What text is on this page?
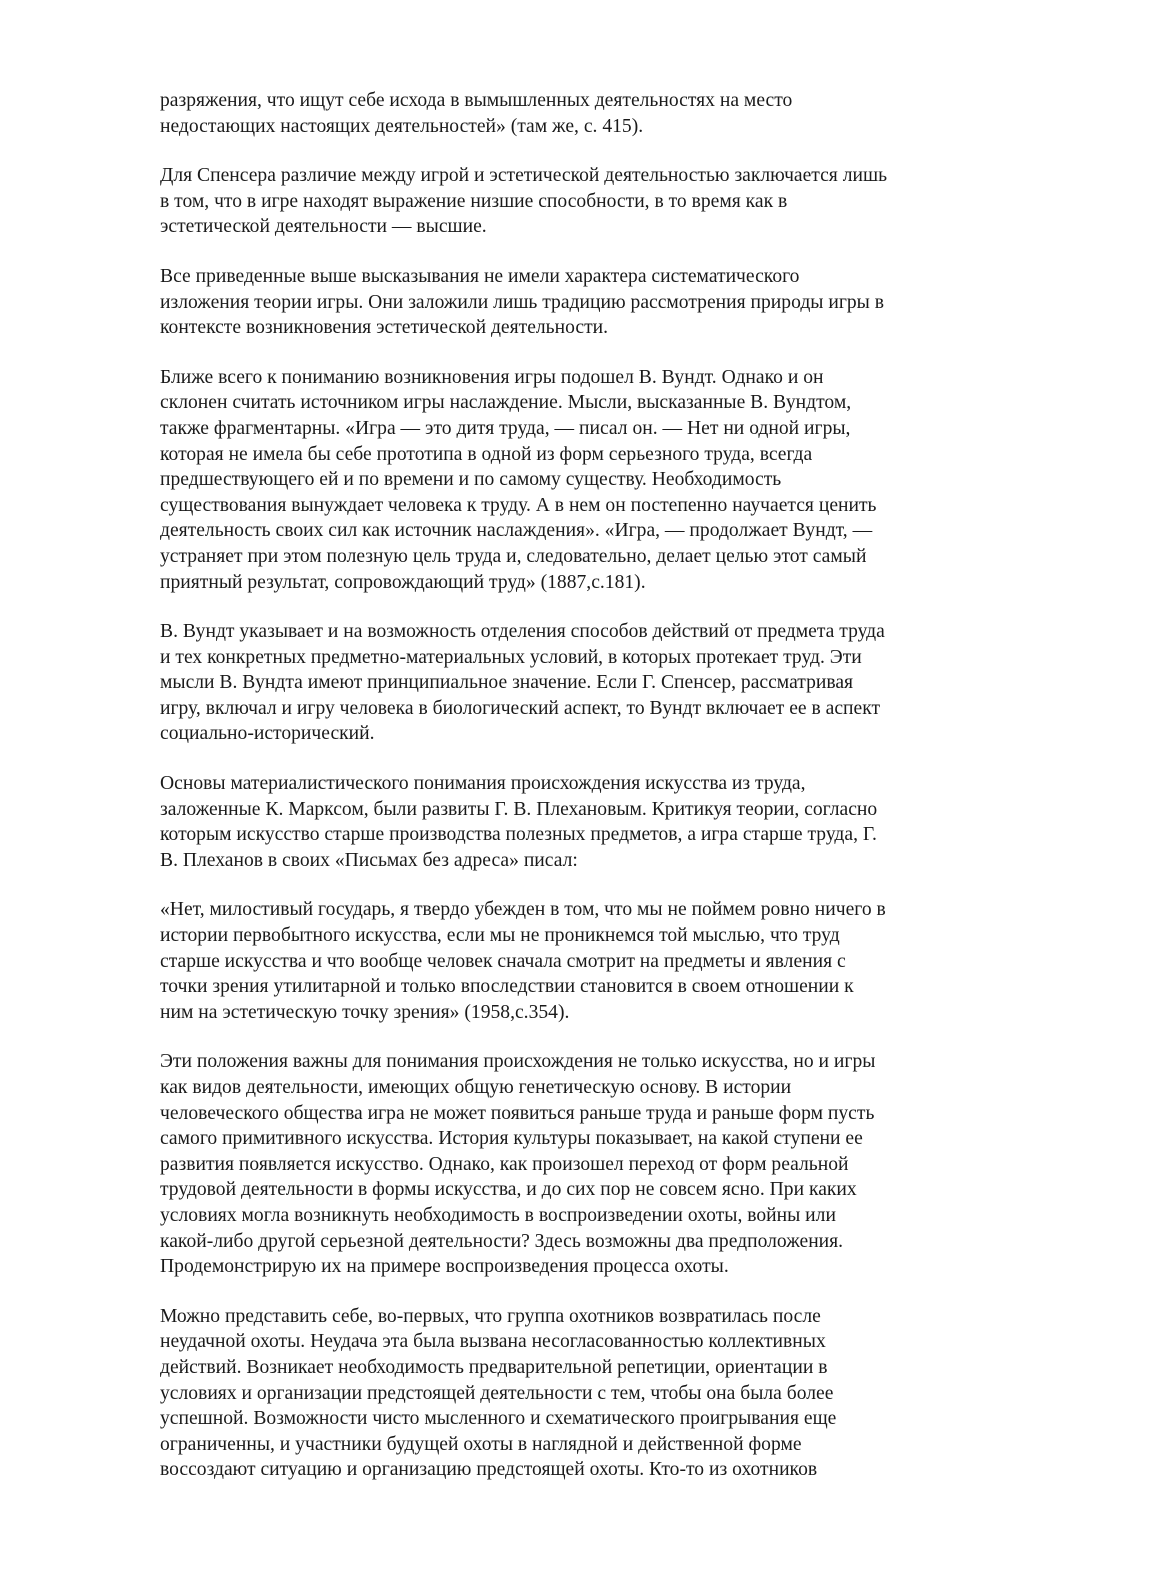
разряжения, что ищут себе исхода в вымышленных деятельностях на место
недостающих настоящих деятельностей» (там же, с. 415).

Для Спенсера различие между игрой и эстетической деятельностью заключается лишь
в том, что в игре находят выражение низшие способности, в то время как в
эстетической деятельности — высшие.

Все приведенные выше высказывания не имели характера систематического
изложения теории игры. Они заложили лишь традицию рассмотрения природы игры в
контексте возникновения эстетической деятельности.

Ближе всего к пониманию возникновения игры подошел В. Вундт. Однако и он
склонен считать источником игры наслаждение. Мысли, высказанные В. Вундтом,
также фрагментарны. «Игра — это дитя труда, — писал он. — Нет ни одной игры,
которая не имела бы себе прототипа в одной из форм серьезного труда, всегда
предшествующего ей и по времени и по самому существу. Необходимость
существования вынуждает человека к труду. А в нем он постепенно научается ценить
деятельность своих сил как источник наслаждения». «Игра, — продолжает Вундт, —
устраняет при этом полезную цель труда и, следовательно, делает целью этот самый
приятный результат, сопровождающий труд» (1887,с.181).

В. Вундт указывает и на возможность отделения способов действий от предмета труда
и тех конкретных предметно-материальных условий, в которых протекает труд. Эти
мысли В. Вундта имеют принципиальное значение. Если Г. Спенсер, рассматривая
игру, включал и игру человека в биологический аспект, то Вундт включает ее в аспект
социально-исторический.

Основы материалистического понимания происхождения искусства из труда,
заложенные К. Марксом, были развиты Г. В. Плехановым. Критикуя теории, согласно
которым искусство старше производства полезных предметов, а игра старше труда, Г.
В. Плеханов в своих «Письмах без адреса» писал:

«Нет, милостивый государь, я твердо убежден в том, что мы не поймем ровно ничего в
истории первобытного искусства, если мы не проникнемся той мыслью, что труд
старше искусства и что вообще человек сначала смотрит на предметы и явления с
точки зрения утилитарной и только впоследствии становится в своем отношении к
ним на эстетическую точку зрения» (1958,с.354).

Эти положения важны для понимания происхождения не только искусства, но и игры
как видов деятельности, имеющих общую генетическую основу. В истории
человеческого общества игра не может появиться раньше труда и раньше форм пусть
самого примитивного искусства. История культуры показывает, на какой ступени ее
развития появляется искусство. Однако, как произошел переход от форм реальной
трудовой деятельности в формы искусства, и до сих пор не совсем ясно. При каких
условиях могла возникнуть необходимость в воспроизведении охоты, войны или
какой-либо другой серьезной деятельности? Здесь возможны два предположения.
Продемонстрирую их на примере воспроизведения процесса охоты.

Можно представить себе, во-первых, что группа охотников возвратилась после
неудачной охоты. Неудача эта была вызвана несогласованностью коллективных
действий. Возникает необходимость предварительной репетиции, ориентации в
условиях и организации предстоящей деятельности с тем, чтобы она была более
успешной. Возможности чисто мысленного и схематического проигрывания еще
ограниченны, и участники будущей охоты в наглядной и действенной форме
воссоздают ситуацию и организацию предстоящей охоты. Кто-то из охотников
